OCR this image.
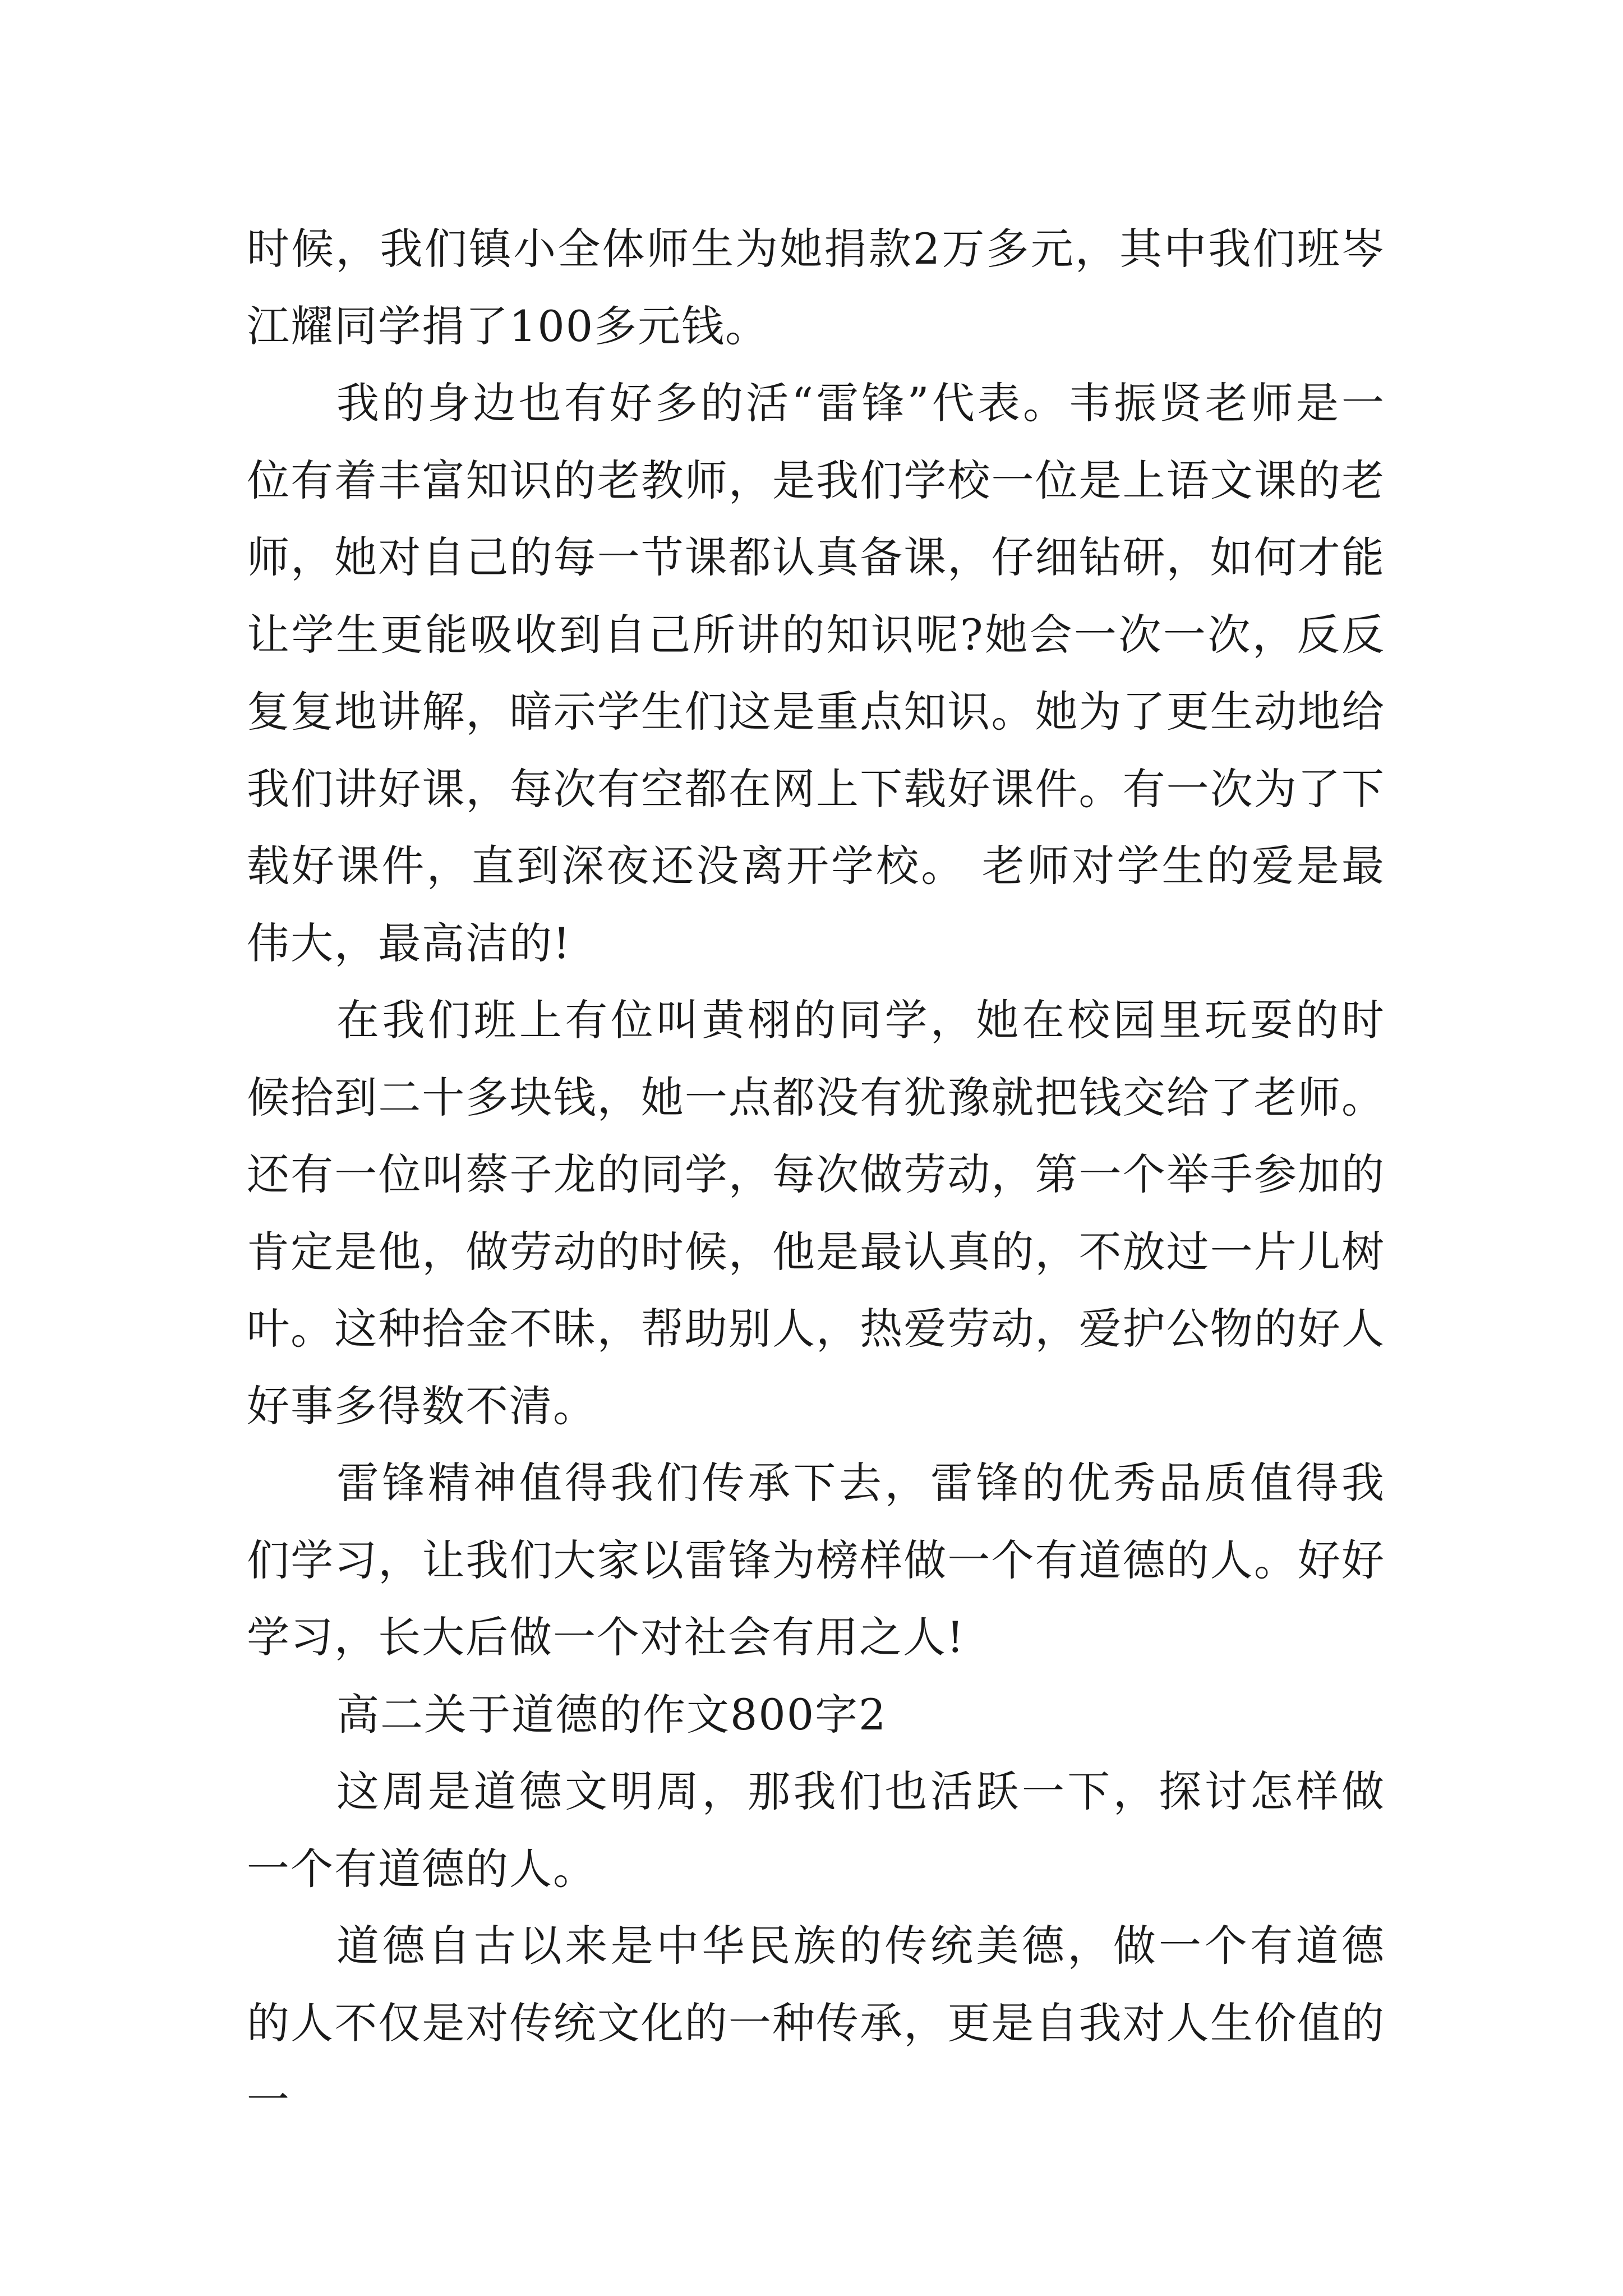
时候，我们镇小全体师生为她捐款2万多元，其中我们班岑江耀同学捐了100多元钱。

我的身边也有好多的活“雷锋”代表。韦振贤老师是一位有着丰富知识的老教师，是我们学校一位是上语文课的老师，她对自己的每一节课都认真备课，仔细钻研，如何才能让学生更能吸收到自己所讲的知识呢?她会一次一次，反反复复地讲解，暗示学生们这是重点知识。她为了更生动地给我们讲好课，每次有空都在网上下载好课件。有一次为了下载好课件，直到深夜还没离开学校。 老师对学生的爱是最伟大，最高洁的!

在我们班上有位叫黄栩的同学，她在校园里玩耍的时候拾到二十多块钱，她一点都没有犹豫就把钱交给了老师。还有一位叫蔡子龙的同学，每次做劳动，第一个举手参加的肯定是他，做劳动的时候，他是最认真的，不放过一片儿树叶。这种拾金不昧，帮助别人，热爱劳动，爱护公物的好人好事多得数不清。

雷锋精神值得我们传承下去，雷锋的优秀品质值得我们学习，让我们大家以雷锋为榜样做一个有道德的人。好好学习，长大后做一个对社会有用之人!

高二关于道德的作文800字2

这周是道德文明周，那我们也活跃一下，探讨怎样做一个有道德的人。

道德自古以来是中华民族的传统美德，做一个有道德的人不仅是对传统文化的一种传承，更是自我对人生价值的一
